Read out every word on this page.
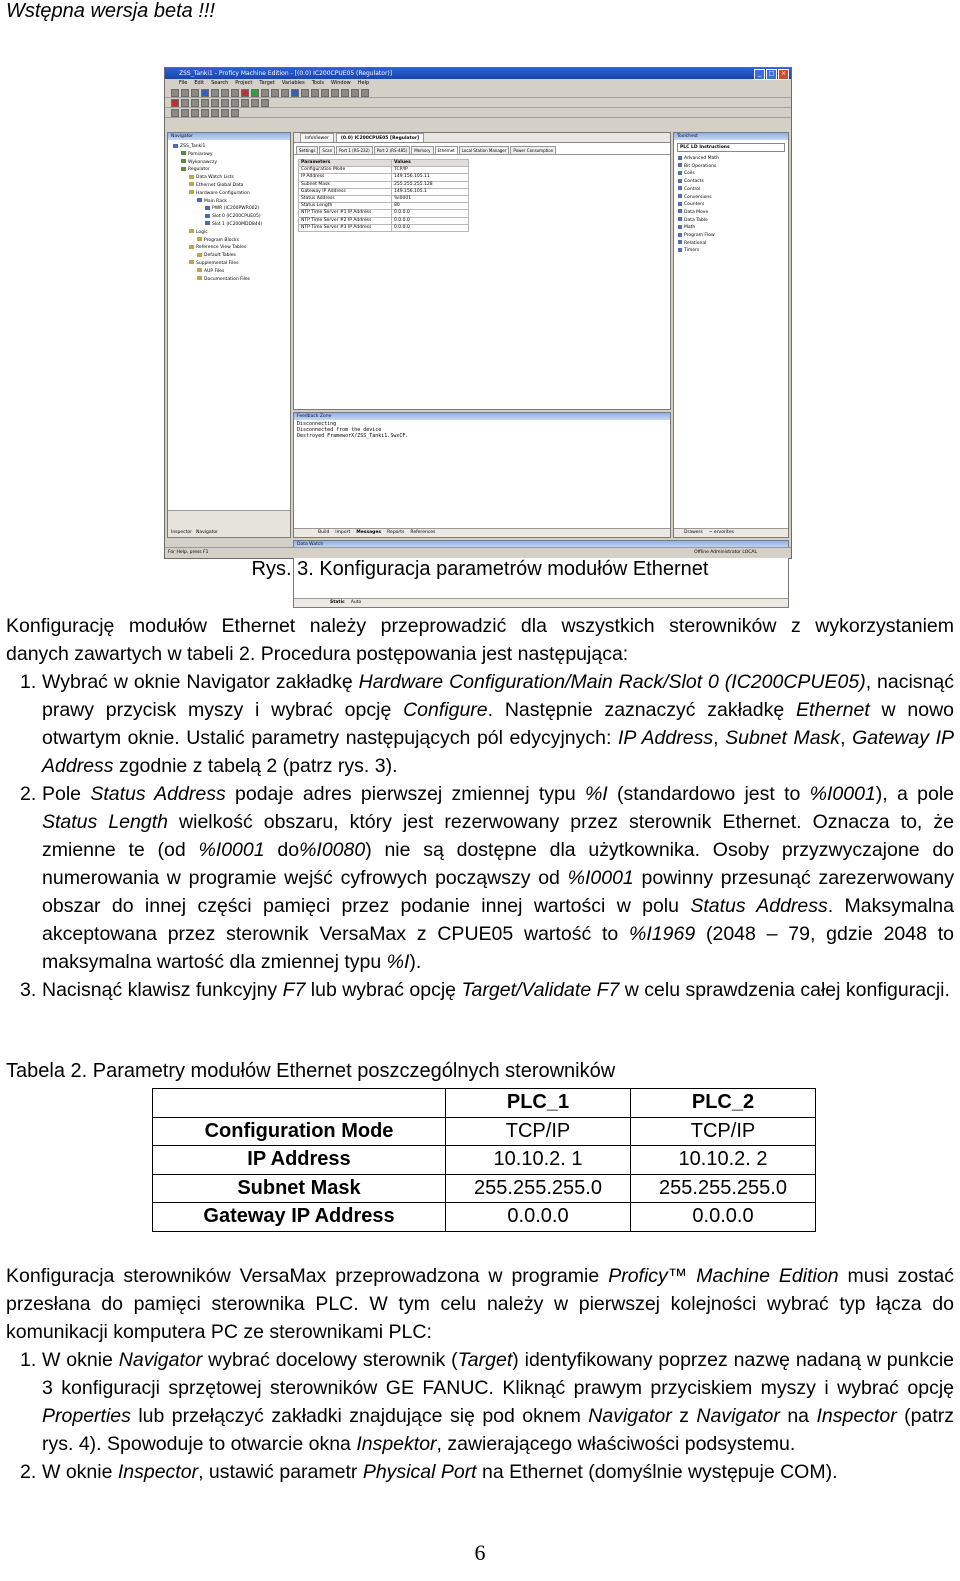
Wstępna wersja beta !!!
ZSS_Tanki1 - Proficy Machine Edition - [(0.0) IC200CPUE05 (Regulator)]	_	□	×
File Edit Search Project Target Variables Tools Window Help
Navigator
ZSS_Tanki1
Pomiarowy
Wykonawczy
Regulator
Data Watch Lists
Ethernet Global Data
Hardware Configuration
Main Rack
PWR (IC200PWR002)
Slot 0 (IC200CPUE05)
Slot 1 (IC200MDD844)
Logic
Program Blocks
Reference View Tables
Default Tables
Supplemental Files
AUP Files
Documentation Files
Inspector Navigator
InfoViewer	(0.0) IC200CPUE05 [Regulator]
Settings	Scan	Port 1 (RS-232)	Port 2 (RS-485)	Memory	Ethernet	Local Station Manager	Power Consumption
Parameters	Values
Configuration Mode	TCP/IP
IP Address	149.156.105.11
Subnet Mask	255.255.255.128
Gateway IP Address	149.156.105.1
Status Address	%I0001
Status Length	80
NTP Time Server #1 IP Address	0.0.0.0
NTP Time Server #2 IP Address	0.0.0.0
NTP Time Server #3 IP Address	0.0.0.0
Toolchest
PLC LD Instructions
Advanced Math
Bit Operations
Coils
Contacts
Control
Conversions
Counters
Data Move
Data Table
Math
Program Flow
Relational
Timers
Drawers ~ ervorites
Feedback Zone
Disconnecting
Disconnected from the device
Destroyed FrameworX/ZSS_Tanki1.SwxCF.
Build Import Messages Reports References
Data Watch
Static Auto
For Help, press F1	Offline Administrator LOCAL
Rys. 3. Konfiguracja parametrów modułów Ethernet
Konfigurację modułów Ethernet należy przeprowadzić dla wszystkich sterowników z wykorzystaniem
danych zawartych w tabeli 2. Procedura postępowania jest następująca:
1. Wybrać w oknie Navigator zakładkę Hardware Configuration/Main Rack/Slot 0 (IC200CPUE05), nacisnąć prawy przycisk myszy i wybrać opcję Configure. Następnie zaznaczyć zakładkę Ethernet w nowo otwartym oknie. Ustalić parametry następujących pól edycyjnych: IP Address, Subnet Mask, Gateway IP Address zgodnie z tabelą 2 (patrz rys. 3).
2. Pole Status Address podaje adres pierwszej zmiennej typu %I (standardowo jest to %I0001), a pole Status Length wielkość obszaru, który jest rezerwowany przez sterownik Ethernet. Oznacza to, że zmienne te (od %I0001 do%I0080) nie są dostępne dla użytkownika. Osoby przyzwyczajone do numerowania w programie wejść cyfrowych począwszy od %I0001 powinny przesunąć zarezerwowany obszar do innej części pamięci przez podanie innej wartości w polu Status Address. Maksymalna akceptowana przez sterownik VersaMax z CPUE05 wartość to %I1969 (2048 – 79, gdzie 2048 to maksymalna wartość dla zmiennej typu %I).
3. Nacisnąć klawisz funkcyjny F7 lub wybrać opcję Target/Validate F7 w celu sprawdzenia całej konfiguracji.
Tabela 2. Parametry modułów Ethernet poszczególnych sterowników
	PLC_1	PLC_2
Configuration Mode	TCP/IP	TCP/IP
IP Address	10.10.2. 1	10.10.2. 2
Subnet Mask	255.255.255.0	255.255.255.0
Gateway IP Address	0.0.0.0	0.0.0.0
Konfiguracja sterowników VersaMax przeprowadzona w programie Proficy™ Machine Edition musi zostać przesłana do pamięci sterownika PLC. W tym celu należy w pierwszej kolejności wybrać typ łącza do komunikacji komputera PC ze sterownikami PLC:
1. W oknie Navigator wybrać docelowy sterownik (Target) identyfikowany poprzez nazwę nadaną w punkcie 3 konfiguracji sprzętowej sterowników GE FANUC. Kliknąć prawym przyciskiem myszy i wybrać opcję Properties lub przełączyć zakładki znajdujące się pod oknem Navigator z Navigator na Inspector (patrz rys. 4). Spowoduje to otwarcie okna Inspektor, zawierającego właściwości podsystemu.
2. W oknie Inspector, ustawić parametr Physical Port na Ethernet (domyślnie występuje COM).
6
